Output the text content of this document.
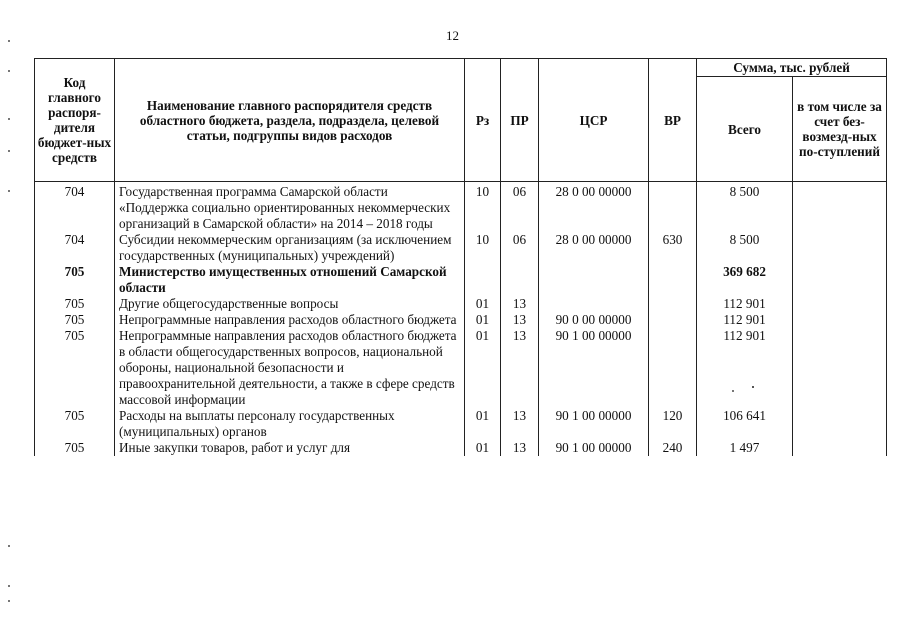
12
Код главного распоря-дителя бюджет-ных средств	Наименование главного распорядителя средств областного бюджета, раздела, подраздела, целевой статьи, подгруппы видов расходов	Рз	ПР	ЦСР	ВР	Сумма, тыс. рублей	
						Всего	в том числе за счет без-возмезд-ных по-ступлений
704	Государственная программа Самарской области «Поддержка социально ориентированных некоммерческих организаций в Самарской области» на 2014 – 2018 годы	10	06	28 0 00 00000		8 500	
704	Субсидии некоммерческим организациям (за исключением государственных (муниципальных) учреждений)	10	06	28 0 00 00000	630	8 500	
705	Министерство имущественных отношений Самарской области					369 682	
705	Другие общегосударственные вопросы	01	13			112 901	
705	Непрограммные направления расходов областного бюджета	01	13	90 0 00 00000		112 901	
705	Непрограммные направления расходов областного бюджета в области общегосударственных вопросов, национальной обороны, национальной безопасности и правоохранительной деятельности, а также в сфере средств массовой информации	01	13	90 1 00 00000		112 901	
705	Расходы на выплаты персоналу государственных (муниципальных) органов	01	13	90 1 00 00000	120	106 641	
705	Иные закупки товаров, работ и услуг для	01	13	90 1 00 00000	240	1 497	
